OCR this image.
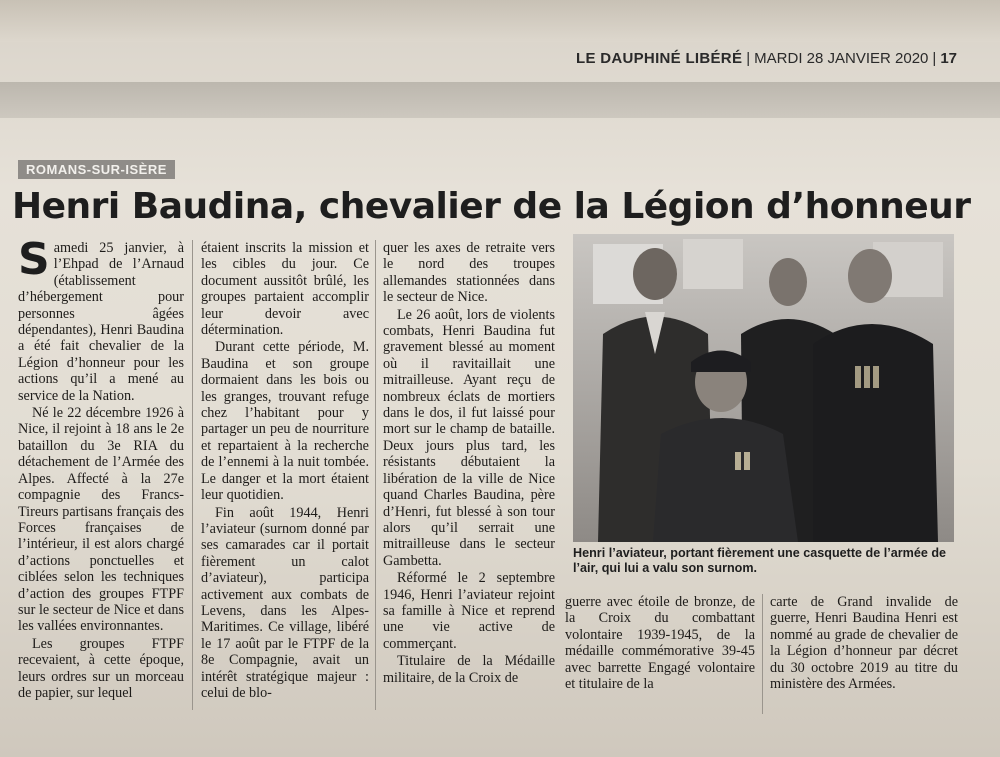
LE DAUPHINÉ LIBÉRÉ | MARDI 28 JANVIER 2020 | 17
ROMANS-SUR-ISÈRE
Henri Baudina, chevalier de la Légion d’honneur

Samedi 25 janvier, à l’Ehpad de l’Arnaud (établissement d’hébergement pour personnes âgées dépendantes), Henri Baudina a été fait chevalier de la Légion d’honneur pour les actions qu’il a mené au service de la Nation.

Né le 22 décembre 1926 à Nice, il rejoint à 18 ans le 2e bataillon du 3e RIA du détachement de l’Armée des Alpes. Affecté à la 27e compagnie des Francs-Tireurs partisans français des Forces françaises de l’intérieur, il est alors chargé d’actions ponctuelles et ciblées selon les techniques d’action des groupes FTPF sur le secteur de Nice et dans les vallées environnantes.

Les groupes FTPF recevaient, à cette époque, leurs ordres sur un morceau de papier, sur lequel

étaient inscrits la mission et les cibles du jour. Ce document aussitôt brûlé, les groupes partaient accomplir leur devoir avec détermination.

Durant cette période, M. Baudina et son groupe dormaient dans les bois ou les granges, trouvant refuge chez l’habitant pour y partager un peu de nourriture et repartaient à la recherche de l’ennemi à la nuit tombée. Le danger et la mort étaient leur quotidien.

Fin août 1944, Henri l’aviateur (surnom donné par ses camarades car il portait fièrement un calot d’aviateur), participa activement aux combats de Levens, dans les Alpes-Maritimes. Ce village, libéré le 17 août par le FTPF de la 8e Compagnie, avait un intérêt stratégique majeur : celui de blo-

quer les axes de retraite vers le nord des troupes allemandes stationnées dans le secteur de Nice.

Le 26 août, lors de violents combats, Henri Baudina fut gravement blessé au moment où il ravitaillait une mitrailleuse. Ayant reçu de nombreux éclats de mortiers dans le dos, il fut laissé pour mort sur le champ de bataille. Deux jours plus tard, les résistants débutaient la libération de la ville de Nice quand Charles Baudina, père d’Henri, fut blessé à son tour alors qu’il serrait une mitrailleuse dans le secteur Gambetta.

Réformé le 2 septembre 1946, Henri l’aviateur rejoint sa famille à Nice et reprend une vie active de commerçant.

Titulaire de la Médaille militaire, de la Croix de

Henri l’aviateur, portant fièrement une casquette de l’armée de l’air, qui lui a valu son surnom.

guerre avec étoile de bronze, de la Croix du combattant volontaire 1939-1945, de la médaille commémorative 39-45 avec barrette Engagé volontaire et titulaire de la

carte de Grand invalide de guerre, Henri Baudina Henri est nommé au grade de chevalier de la Légion d’honneur par décret du 30 octobre 2019 au titre du ministère des Armées.
